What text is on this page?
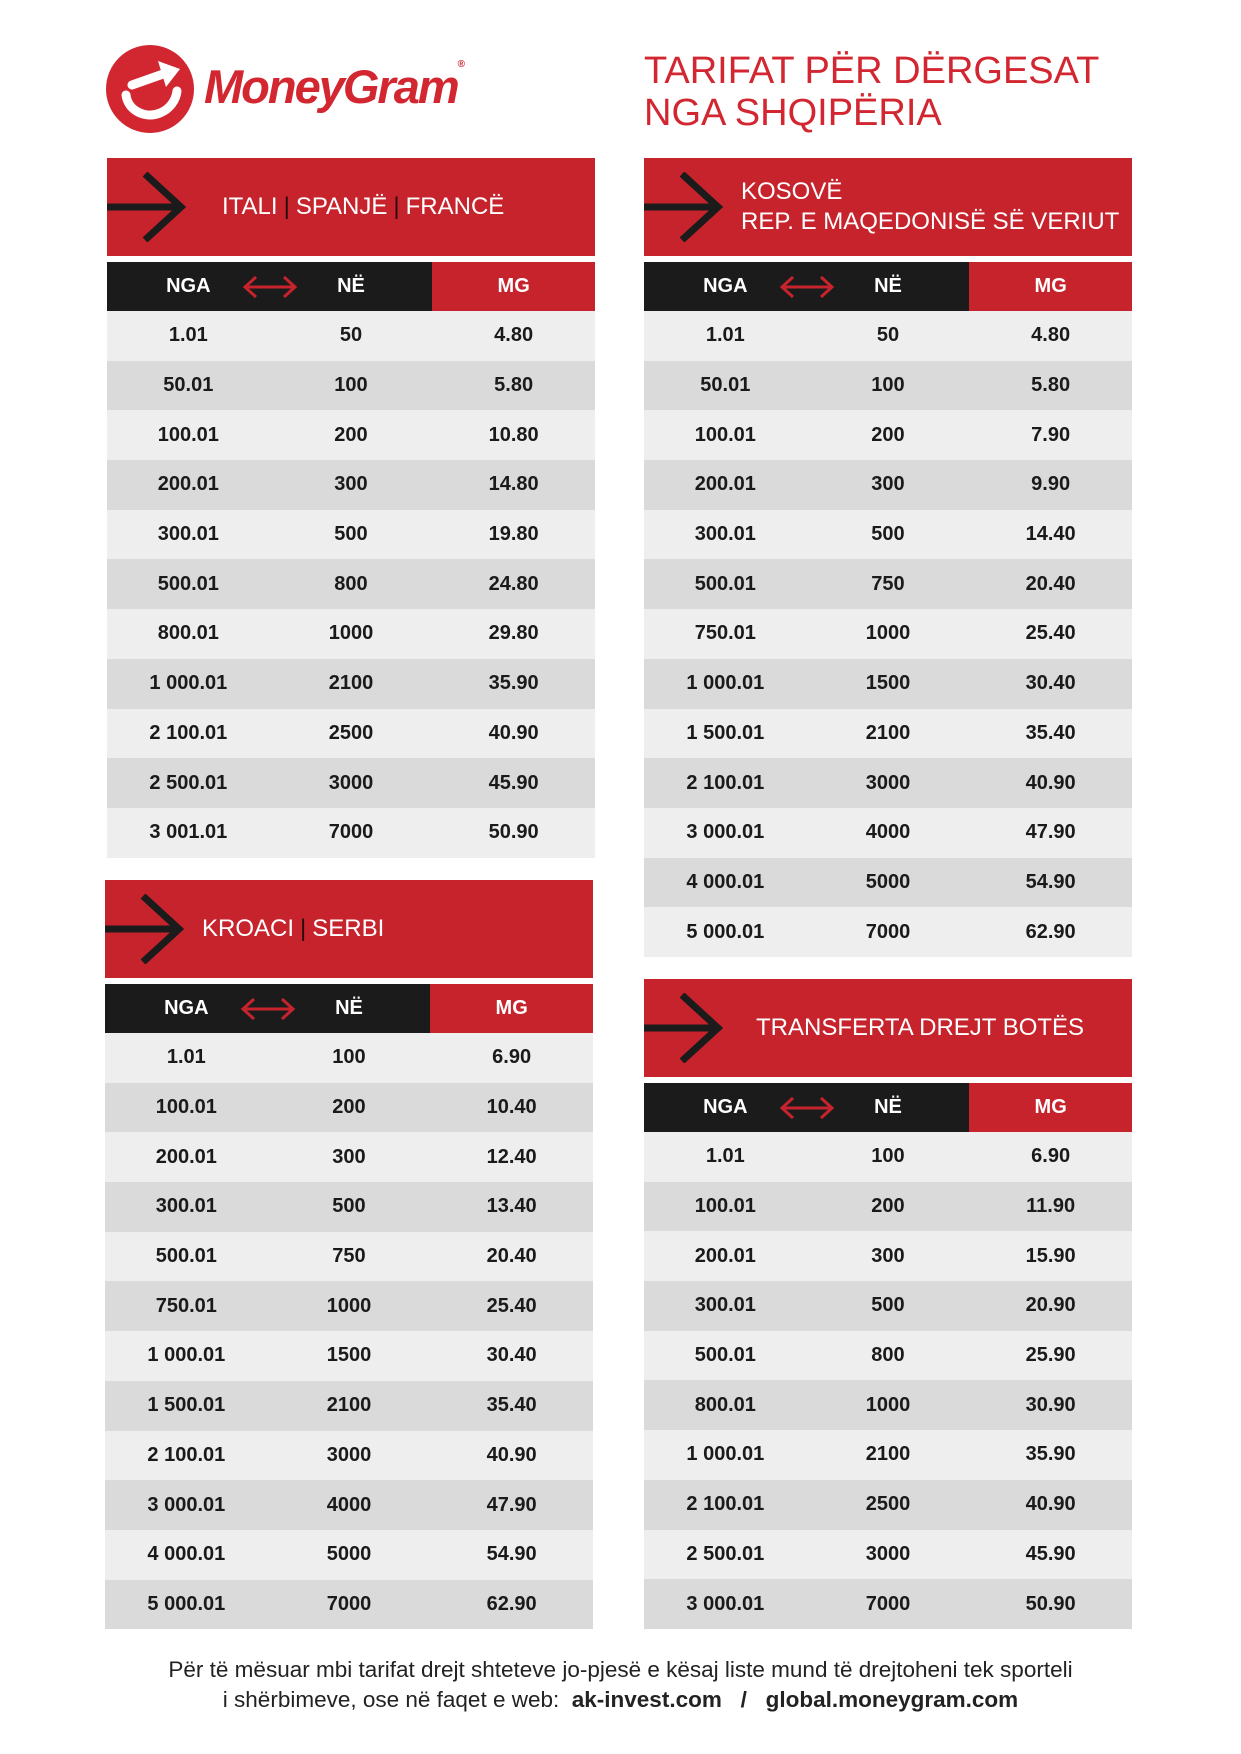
MoneyGram®	TARIFAT PËR DËRGESAT
NGA SHQIPËRIA
ITALI | SPANJË | FRANCË
NGA	NË	MG
1.01	50	4.80
50.01	100	5.80
100.01	200	10.80
200.01	300	14.80
300.01	500	19.80
500.01	800	24.80
800.01	1000	29.80
1 000.01	2100	35.90
2 100.01	2500	40.90
2 500.01	3000	45.90
3 001.01	7000	50.90
KOSOVË
REP. E MAQEDONISË SË VERIUT
NGA	NË	MG
1.01	50	4.80
50.01	100	5.80
100.01	200	7.90
200.01	300	9.90
300.01	500	14.40
500.01	750	20.40
750.01	1000	25.40
1 000.01	1500	30.40
1 500.01	2100	35.40
2 100.01	3000	40.90
3 000.01	4000	47.90
4 000.01	5000	54.90
5 000.01	7000	62.90
KROACI | SERBI
NGA	NË	MG
1.01	100	6.90
100.01	200	10.40
200.01	300	12.40
300.01	500	13.40
500.01	750	20.40
750.01	1000	25.40
1 000.01	1500	30.40
1 500.01	2100	35.40
2 100.01	3000	40.90
3 000.01	4000	47.90
4 000.01	5000	54.90
5 000.01	7000	62.90
TRANSFERTA DREJT BOTËS
NGA	NË	MG
1.01	100	6.90
100.01	200	11.90
200.01	300	15.90
300.01	500	20.90
500.01	800	25.90
800.01	1000	30.90
1 000.01	2100	35.90
2 100.01	2500	40.90
2 500.01	3000	45.90
3 000.01	7000	50.90
Për të mësuar mbi tarifat drejt shteteve jo-pjesë e kësaj liste mund të drejtoheni tek sporteli
i shërbimeve, ose në faqet e web: ak-invest.com / global.moneygram.com
